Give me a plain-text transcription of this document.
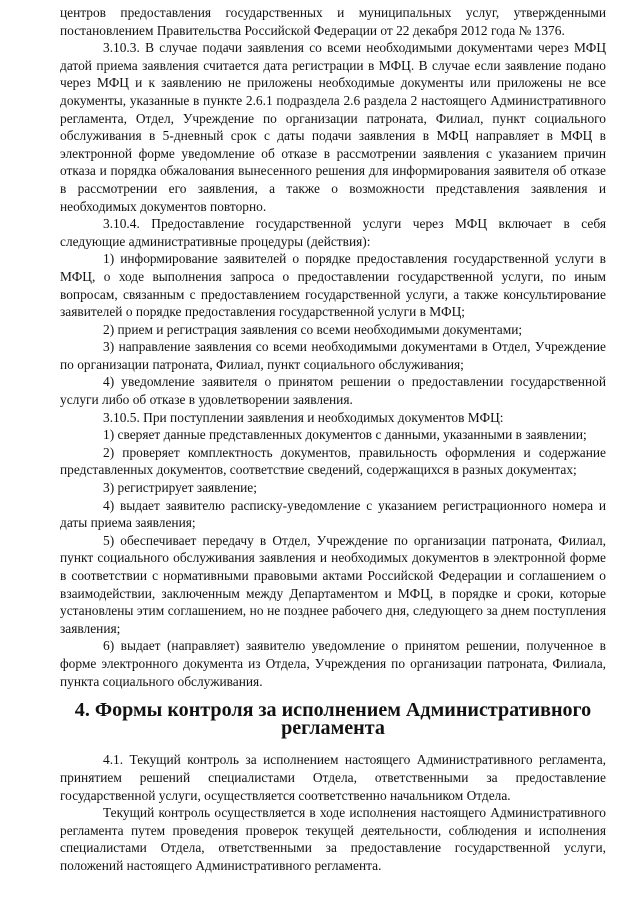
центров предоставления государственных и муниципальных услуг, утвержденными постановлением Правительства Российской Федерации от 22 декабря 2012 года № 1376.

3.10.3. В случае подачи заявления со всеми необходимыми документами через МФЦ датой приема заявления считается дата регистрации в МФЦ. В случае если заявление подано через МФЦ и к заявлению не приложены необходимые документы или приложены не все документы, указанные в пункте 2.6.1 подраздела 2.6 раздела 2 настоящего Административного регламента, Отдел, Учреждение по организации патроната, Филиал, пункт социального обслуживания в 5-дневный срок с даты подачи заявления в МФЦ направляет в МФЦ в электронной форме уведомление об отказе в рассмотрении заявления с указанием причин отказа и порядка обжалования вынесенного решения для информирования заявителя об отказе в рассмотрении его заявления, а также о возможности представления заявления и необходимых документов повторно.

3.10.4. Предоставление государственной услуги через МФЦ включает в себя следующие административные процедуры (действия):

1) информирование заявителей о порядке предоставления государственной услуги в МФЦ, о ходе выполнения запроса о предоставлении государственной услуги, по иным вопросам, связанным с предоставлением государственной услуги, а также консультирование заявителей о порядке предоставления государственной услуги в МФЦ;

2) прием и регистрация заявления со всеми необходимыми документами;

3) направление заявления со всеми необходимыми документами в Отдел, Учреждение по организации патроната, Филиал, пункт социального обслуживания;

4) уведомление заявителя о принятом решении о предоставлении государственной услуги либо об отказе в удовлетворении заявления.

3.10.5. При поступлении заявления и необходимых документов МФЦ:

1) сверяет данные представленных документов с данными, указанными в заявлении;

2) проверяет комплектность документов, правильность оформления и содержание представленных документов, соответствие сведений, содержащихся в разных документах;

3) регистрирует заявление;

4) выдает заявителю расписку-уведомление с указанием регистрационного номера и даты приема заявления;

5) обеспечивает передачу в Отдел, Учреждение по организации патроната, Филиал, пункт социального обслуживания заявления и необходимых документов в электронной форме в соответствии с нормативными правовыми актами Российской Федерации и соглашением о взаимодействии, заключенным между Департаментом и МФЦ, в порядке и сроки, которые установлены этим соглашением, но не позднее рабочего дня, следующего за днем поступления заявления;

6) выдает (направляет) заявителю уведомление о принятом решении, полученное в форме электронного документа из Отдела, Учреждения по организации патроната, Филиала, пункта социального обслуживания.

4. Формы контроля за исполнением Административного регламента

4.1. Текущий контроль за исполнением настоящего Административного регламента, принятием решений специалистами Отдела, ответственными за предоставление государственной услуги, осуществляется соответственно начальником Отдела.

Текущий контроль осуществляется в ходе исполнения настоящего Административного регламента путем проведения проверок текущей деятельности, соблюдения и исполнения специалистами Отдела, ответственными за предоставление государственной услуги, положений настоящего Административного регламента.
